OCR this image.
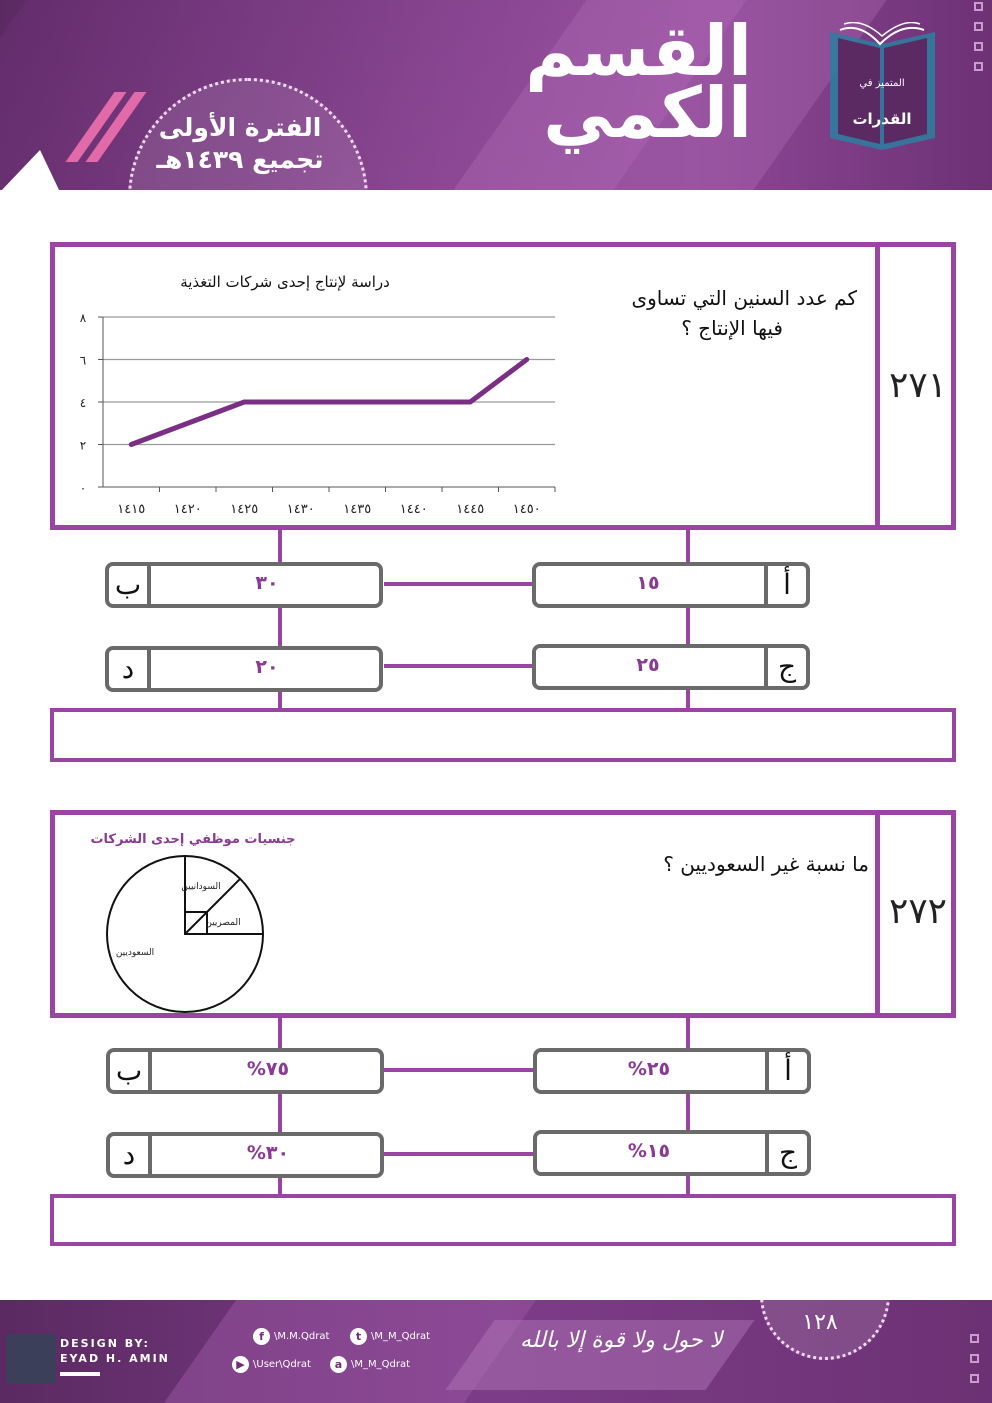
القسم
الكمي
الفترة الأولى
تجميع ١٤٣٩هـ
المتميز في
القدرات
٢٧١
كم عدد السنين التي تساوى
فيها الإنتاج ؟
دراسة لإنتاج إحدى شركات التغذية
٠
٢
٤
٦
٨
١٤١٥ ١٤٢٠ ١٤٢٥ ١٤٣٠ ١٤٣٥ ١٤٤٠ ١٤٤٥ ١٤٥٠
١٥	أ
ب	٣٠
٢٥	ج
د	٢٠
٢٧٢
ما نسبة غير السعوديين ؟
جنسيات موظفي إحدى الشركات
السعوديين
السودانيين
المصريين
%٢٥	أ
ب	%٧٥
%١٥	ج
د	%٣٠
DESIGN BY:
EYAD H. AMIN
f	\M.M.Qdrat	t \M_M_Qdrat
▶ \User\Qdrat	a \M_M_Qdrat
لا حول ولا قوة إلا بالله
١٢٨
